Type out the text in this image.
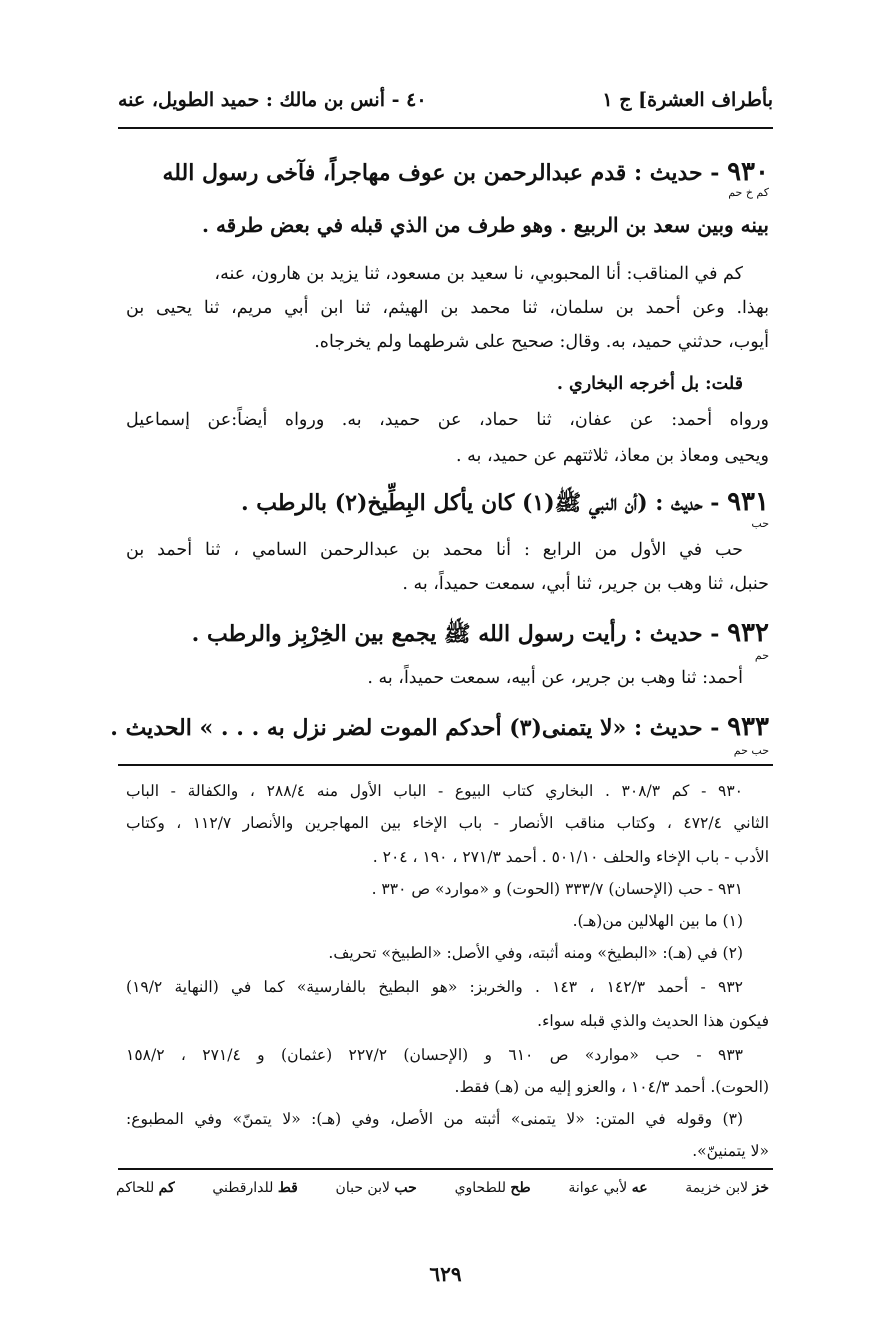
بأطراف العشرة] ج ١
٤٠ - أنس بن مالك : حميد الطويل، عنه
٩٣٠ - حديث : قدم عبدالرحمن بن عوف مهاجراً، فآخى رسول الله
كم خ حم
بينه وبين سعد بن الربيع . وهو طرف من الذي قبله في بعض طرقه .
كم في المناقب: أنا المحبوبي، نا سعيد بن مسعود، ثنا يزيد بن هارون، عنه،
بهذا. وعن أحمد بن سلمان، ثنا محمد بن الهيثم، ثنا ابن أبي مريم، ثنا يحيى بن
أيوب، حدثني حميد، به. وقال: صحيح على شرطهما ولم يخرجاه.
قلت: بل أخرجه البخاري .
ورواه أحمد: عن عفان، ثنا حماد، عن حميد، به. ورواه أيضاً:عن إسماعيل
ويحيى ومعاذ بن معاذ، ثلاثتهم عن حميد، به .
٩٣١ - حديث : (أن النبي ﷺ(١) كان يأكل البِطِّيخ(٢) بالرطب .
حب
حب في الأول من الرابع : أنا محمد بن عبدالرحمن السامي ، ثنا أحمد بن
حنبل، ثنا وهب بن جرير، ثنا أبي، سمعت حميداً، به .
٩٣٢ - حديث : رأيت رسول الله ﷺ يجمع بين الخِرْبِز والرطب .
حم
أحمد: ثنا وهب بن جرير، عن أبيه، سمعت حميداً، به .
٩٣٣ - حديث : «لا يتمنى(٣) أحدكم الموت لضر نزل به . . . » الحديث .
حب حم
٩٣٠ - كم ٣٠٨/٣ . البخاري كتاب البيوع - الباب الأول منه ٢٨٨/٤ ، والكفالة - الباب
الثاني ٤٧٢/٤ ، وكتاب مناقب الأنصار - باب الإخاء بين المهاجرين والأنصار ١١٢/٧ ، وكتاب
الأدب - باب الإخاء والحلف ٥٠١/١٠ . أحمد ٢٧١/٣ ، ١٩٠ ، ٢٠٤ .
٩٣١ - حب (الإحسان) ٣٣٣/٧ (الحوت) و «موارد» ص ٣٣٠ .
(١) ما بين الهلالين من(هـ).
(٢) في (هـ): «البطيخ» ومنه أثبته، وفي الأصل: «الطبيخ» تحريف.
٩٣٢ - أحمد ١٤٢/٣ ، ١٤٣ . والخربز: «هو البطيخ بالفارسية» كما في (النهاية ١٩/٢)
فيكون هذا الحديث والذي قبله سواء.
٩٣٣ - حب «موارد» ص ٦١٠ و (الإحسان) ٢٢٧/٢ (عثمان) و ٢٧١/٤ ، ١٥٨/٢
(الحوت). أحمد ١٠٤/٣ ، والعزو إليه من (هـ) فقط.
(٣) وقوله في المتن: «لا يتمنى» أثبته من الأصل، وفي (هـ): «لا يتمنّ» وفي المطبوع:
«لا يتمنينّ».
خز لابن خزيمة
عه لأبي عوانة
طح للطحاوي
حب لابن حبان
قط للدارقطني
كم للحاكم
٦٢٩
